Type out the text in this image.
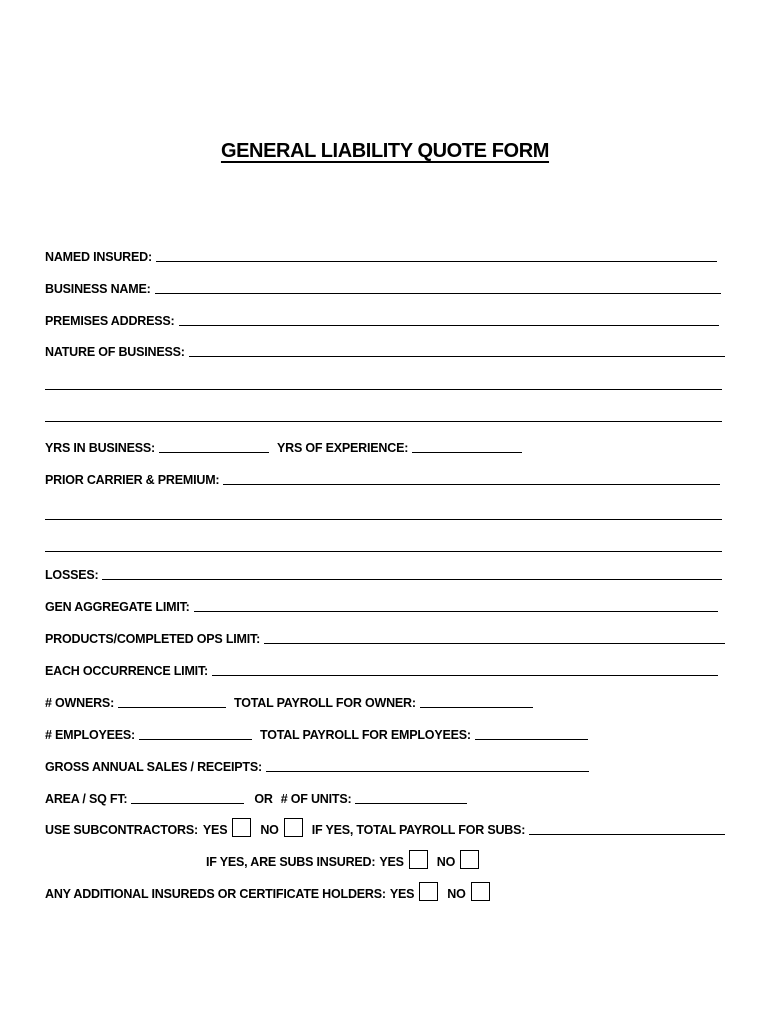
GENERAL LIABILITY QUOTE FORM
NAMED INSURED:
BUSINESS NAME:
PREMISES ADDRESS:
NATURE OF BUSINESS:
YRS IN BUSINESS:	YRS OF EXPERIENCE:
PRIOR CARRIER & PREMIUM:
LOSSES:
GEN AGGREGATE LIMIT:
PRODUCTS/COMPLETED OPS LIMIT:
EACH OCCURRENCE LIMIT:
# OWNERS:	TOTAL PAYROLL FOR OWNER:
# EMPLOYEES:	TOTAL PAYROLL FOR EMPLOYEES:
GROSS ANNUAL SALES / RECEIPTS:
AREA / SQ FT:	OR # OF UNITS:
USE SUBCONTRACTORS: YES	NO	IF YES, TOTAL PAYROLL FOR SUBS:
IF YES, ARE SUBS INSURED: YES	NO
ANY ADDITIONAL INSUREDS OR CERTIFICATE HOLDERS: YES	NO
